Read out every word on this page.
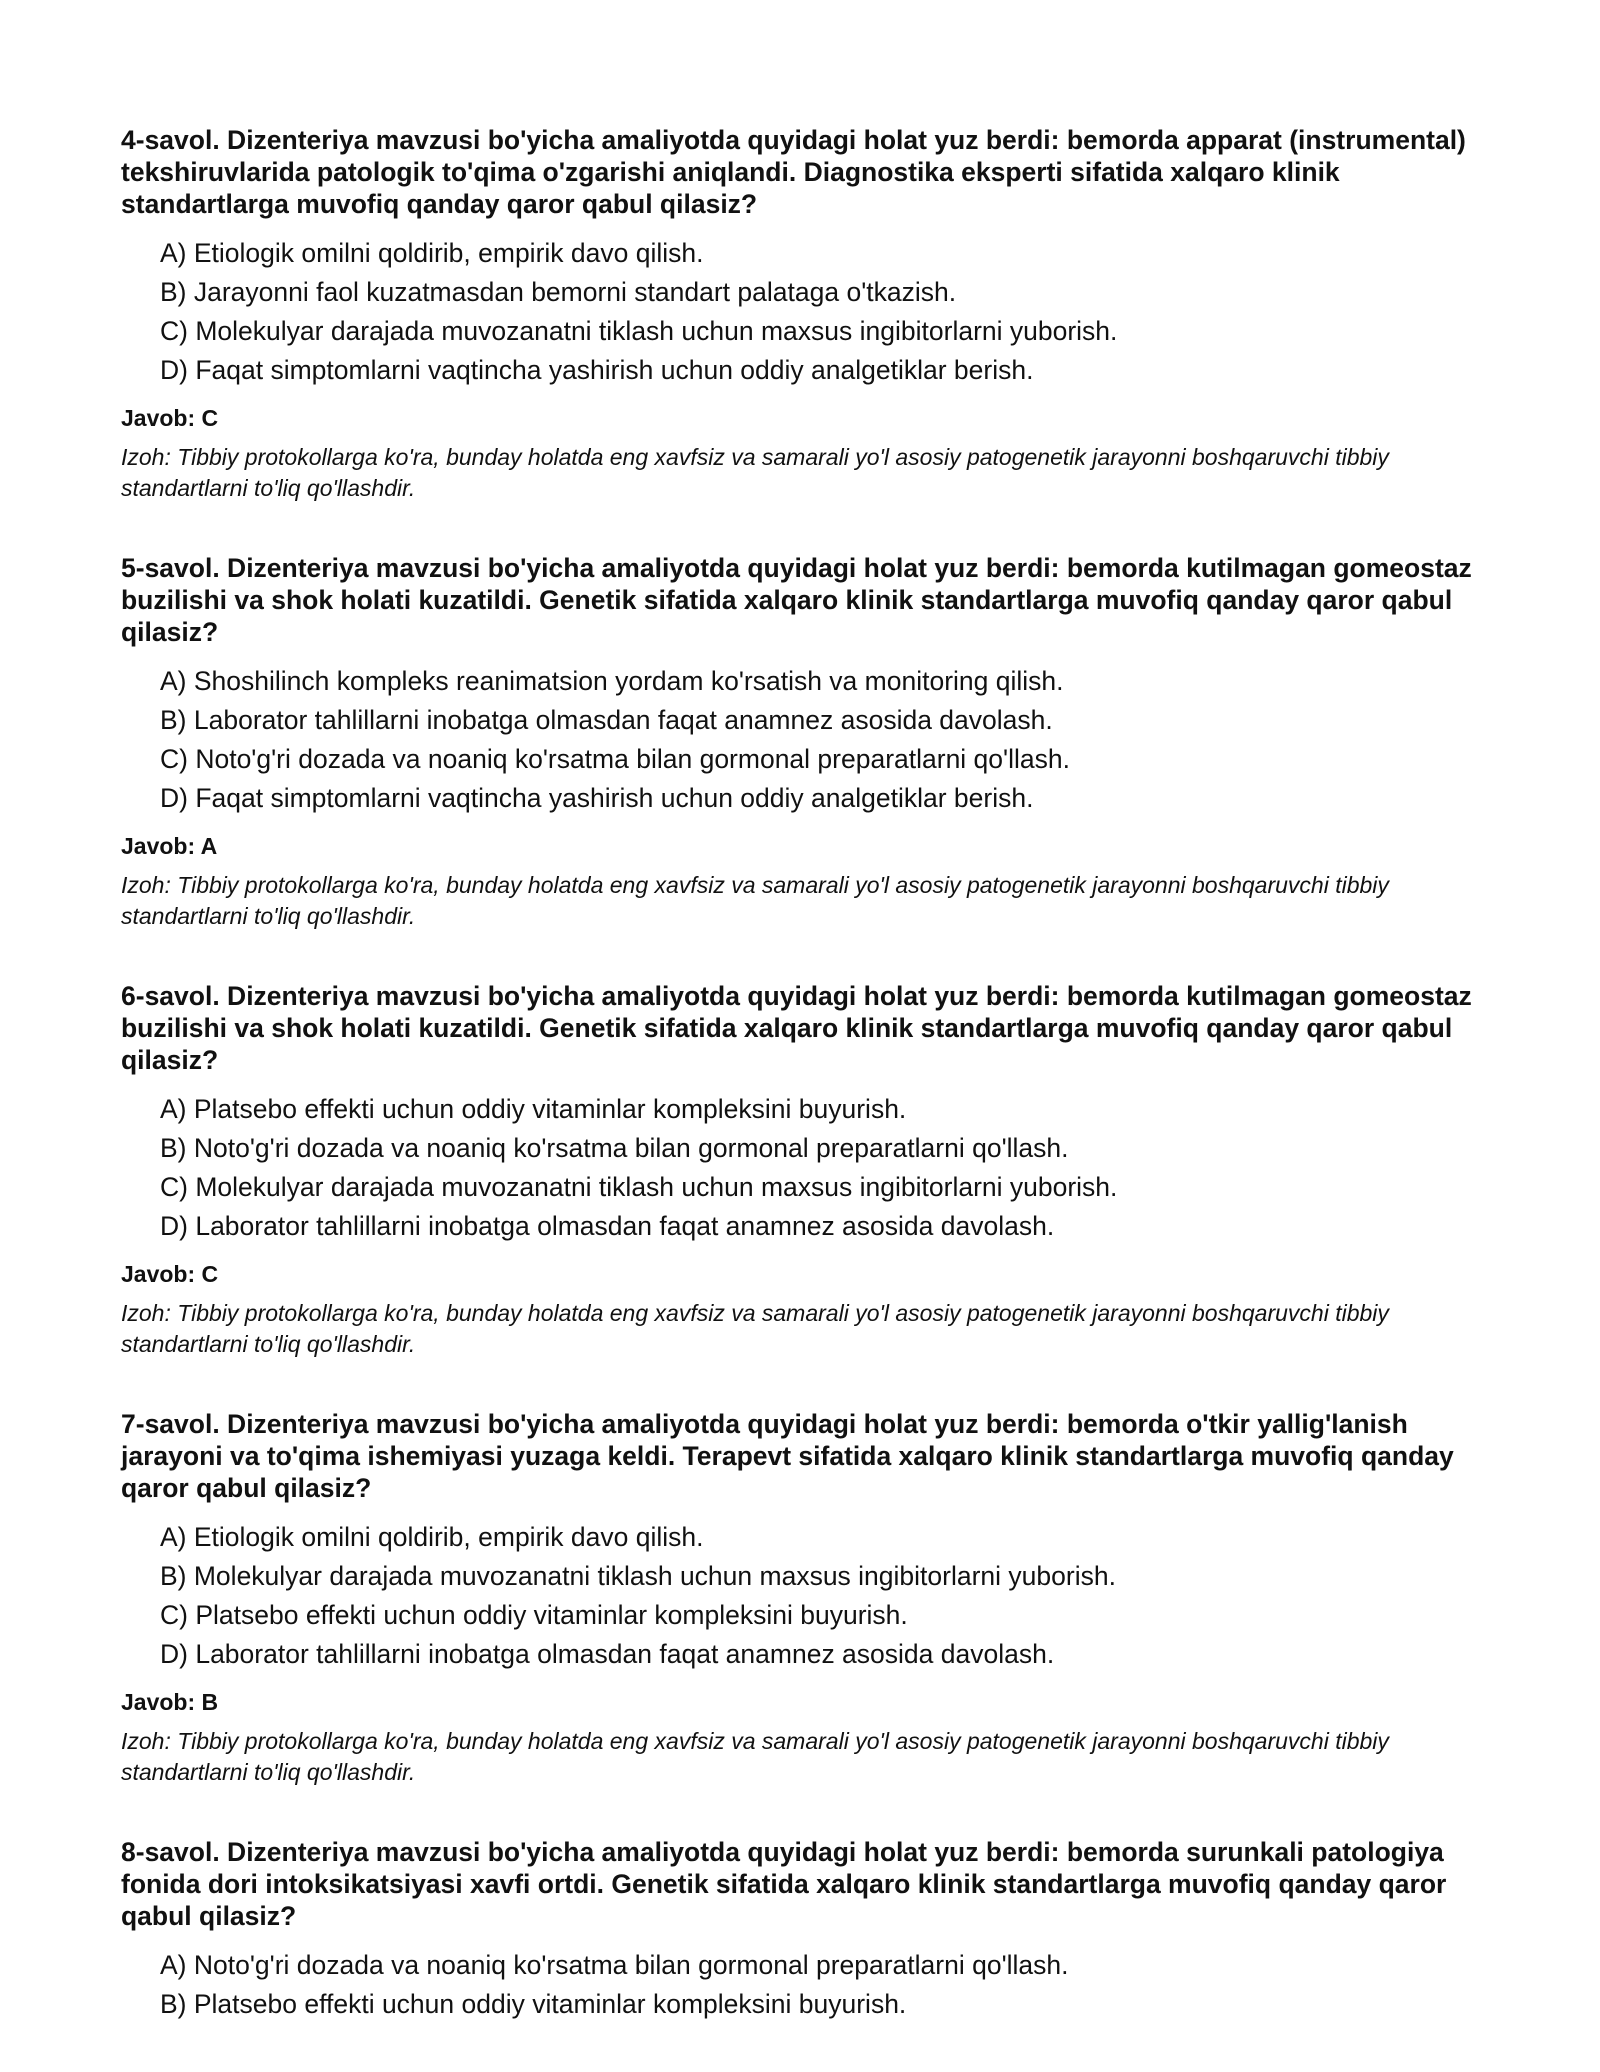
4-savol. Dizenteriya mavzusi bo'yicha amaliyotda quyidagi holat yuz berdi: bemorda apparat (instrumental) tekshiruvlarida patologik to'qima o'zgarishi aniqlandi. Diagnostika eksperti sifatida xalqaro klinik standartlarga muvofiq qanday qaror qabul qilasiz?
A) Etiologik omilni qoldirib, empirik davo qilish.
B) Jarayonni faol kuzatmasdan bemorni standart palataga o'tkazish.
C) Molekulyar darajada muvozanatni tiklash uchun maxsus ingibitorlarni yuborish.
D) Faqat simptomlarni vaqtincha yashirish uchun oddiy analgetiklar berish.
Javob: C
Izoh: Tibbiy protokollarga ko'ra, bunday holatda eng xavfsiz va samarali yo'l asosiy patogenetik jarayonni boshqaruvchi tibbiy standartlarni to'liq qo'llashdir.
5-savol. Dizenteriya mavzusi bo'yicha amaliyotda quyidagi holat yuz berdi: bemorda kutilmagan gomeostaz buzilishi va shok holati kuzatildi. Genetik sifatida xalqaro klinik standartlarga muvofiq qanday qaror qabul qilasiz?
A) Shoshilinch kompleks reanimatsion yordam ko'rsatish va monitoring qilish.
B) Laborator tahlillarni inobatga olmasdan faqat anamnez asosida davolash.
C) Noto'g'ri dozada va noaniq ko'rsatma bilan gormonal preparatlarni qo'llash.
D) Faqat simptomlarni vaqtincha yashirish uchun oddiy analgetiklar berish.
Javob: A
Izoh: Tibbiy protokollarga ko'ra, bunday holatda eng xavfsiz va samarali yo'l asosiy patogenetik jarayonni boshqaruvchi tibbiy standartlarni to'liq qo'llashdir.
6-savol. Dizenteriya mavzusi bo'yicha amaliyotda quyidagi holat yuz berdi: bemorda kutilmagan gomeostaz buzilishi va shok holati kuzatildi. Genetik sifatida xalqaro klinik standartlarga muvofiq qanday qaror qabul qilasiz?
A) Platsebo effekti uchun oddiy vitaminlar kompleksini buyurish.
B) Noto'g'ri dozada va noaniq ko'rsatma bilan gormonal preparatlarni qo'llash.
C) Molekulyar darajada muvozanatni tiklash uchun maxsus ingibitorlarni yuborish.
D) Laborator tahlillarni inobatga olmasdan faqat anamnez asosida davolash.
Javob: C
Izoh: Tibbiy protokollarga ko'ra, bunday holatda eng xavfsiz va samarali yo'l asosiy patogenetik jarayonni boshqaruvchi tibbiy standartlarni to'liq qo'llashdir.
7-savol. Dizenteriya mavzusi bo'yicha amaliyotda quyidagi holat yuz berdi: bemorda o'tkir yallig'lanish jarayoni va to'qima ishemiyasi yuzaga keldi. Terapevt sifatida xalqaro klinik standartlarga muvofiq qanday qaror qabul qilasiz?
A) Etiologik omilni qoldirib, empirik davo qilish.
B) Molekulyar darajada muvozanatni tiklash uchun maxsus ingibitorlarni yuborish.
C) Platsebo effekti uchun oddiy vitaminlar kompleksini buyurish.
D) Laborator tahlillarni inobatga olmasdan faqat anamnez asosida davolash.
Javob: B
Izoh: Tibbiy protokollarga ko'ra, bunday holatda eng xavfsiz va samarali yo'l asosiy patogenetik jarayonni boshqaruvchi tibbiy standartlarni to'liq qo'llashdir.
8-savol. Dizenteriya mavzusi bo'yicha amaliyotda quyidagi holat yuz berdi: bemorda surunkali patologiya fonida dori intoksikatsiyasi xavfi ortdi. Genetik sifatida xalqaro klinik standartlarga muvofiq qanday qaror qabul qilasiz?
A) Noto'g'ri dozada va noaniq ko'rsatma bilan gormonal preparatlarni qo'llash.
B) Platsebo effekti uchun oddiy vitaminlar kompleksini buyurish.
